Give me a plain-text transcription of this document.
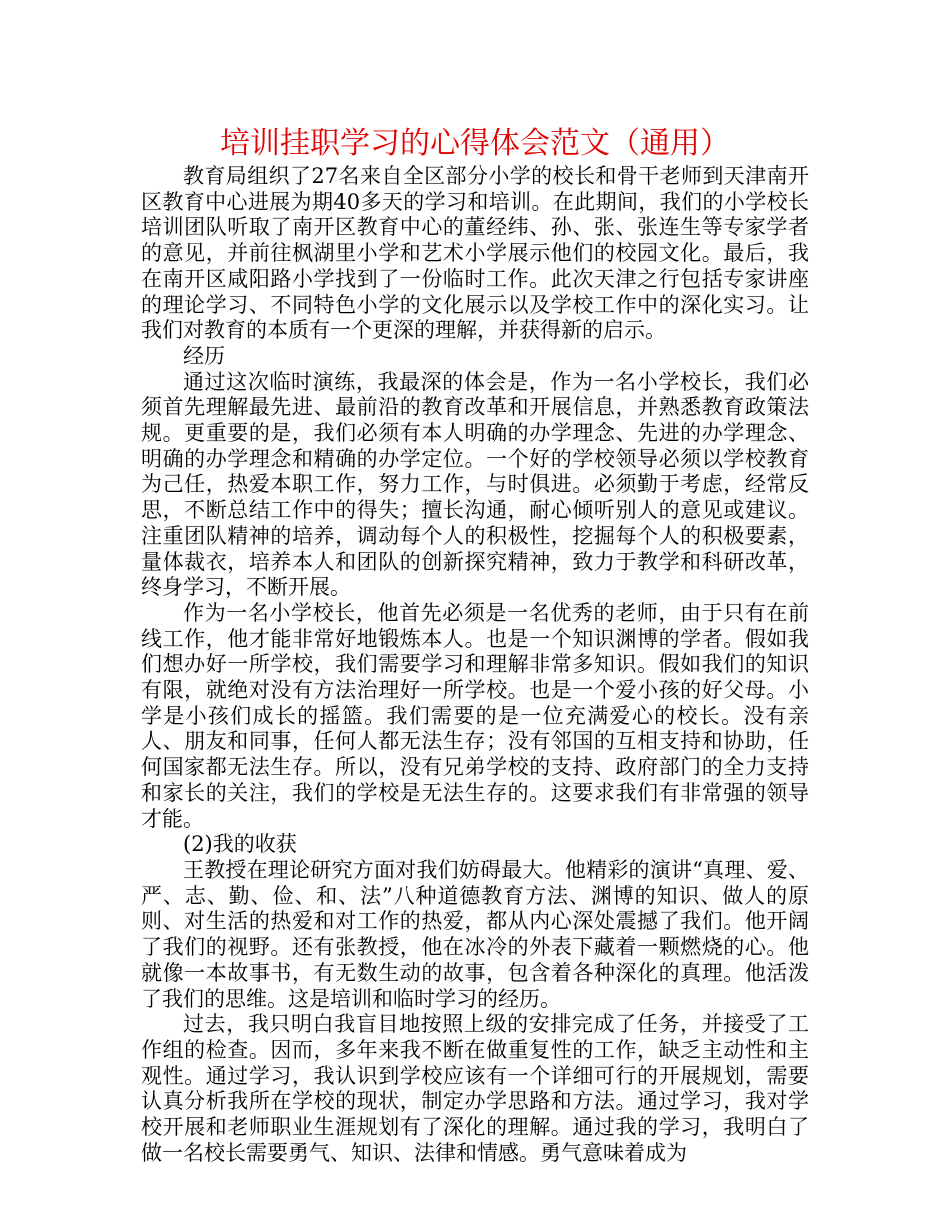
培训挂职学习的心得体会范文（通用）

教育局组织了27名来自全区部分小学的校长和骨干老师到天津南开区教育中心进展为期40多天的学习和培训。在此期间，我们的小学校长培训团队听取了南开区教育中心的董经纬、孙、张、张连生等专家学者的意见，并前往枫湖里小学和艺术小学展示他们的校园文化。最后，我在南开区咸阳路小学找到了一份临时工作。此次天津之行包括专家讲座的理论学习、不同特色小学的文化展示以及学校工作中的深化实习。让我们对教育的本质有一个更深的理解，并获得新的启示。

经历

通过这次临时演练，我最深的体会是，作为一名小学校长，我们必须首先理解最先进、最前沿的教育改革和开展信息，并熟悉教育政策法规。更重要的是，我们必须有本人明确的办学理念、先进的办学理念、明确的办学理念和精确的办学定位。一个好的学校领导必须以学校教育为己任，热爱本职工作，努力工作，与时俱进。必须勤于考虑，经常反思，不断总结工作中的得失；擅长沟通，耐心倾听别人的意见或建议。注重团队精神的培养，调动每个人的积极性，挖掘每个人的积极要素，量体裁衣，培养本人和团队的创新探究精神，致力于教学和科研改革，终身学习，不断开展。

作为一名小学校长，他首先必须是一名优秀的老师，由于只有在前线工作，他才能非常好地锻炼本人。也是一个知识渊博的学者。假如我们想办好一所学校，我们需要学习和理解非常多知识。假如我们的知识有限，就绝对没有方法治理好一所学校。也是一个爱小孩的好父母。小学是小孩们成长的摇篮。我们需要的是一位充满爱心的校长。没有亲人、朋友和同事，任何人都无法生存；没有邻国的互相支持和协助，任何国家都无法生存。所以，没有兄弟学校的支持、政府部门的全力支持和家长的关注，我们的学校是无法生存的。这要求我们有非常强的领导才能。

(2)我的收获

王教授在理论研究方面对我们妨碍最大。他精彩的演讲“真理、爱、严、志、勤、俭、和、法”八种道德教育方法、渊博的知识、做人的原则、对生活的热爱和对工作的热爱，都从内心深处震撼了我们。他开阔了我们的视野。还有张教授，他在冰冷的外表下藏着一颗燃烧的心。他就像一本故事书，有无数生动的故事，包含着各种深化的真理。他活泼了我们的思维。这是培训和临时学习的经历。

过去，我只明白我盲目地按照上级的安排完成了任务，并接受了工作组的检查。因而，多年来我不断在做重复性的工作，缺乏主动性和主观性。通过学习，我认识到学校应该有一个详细可行的开展规划，需要认真分析我所在学校的现状，制定办学思路和方法。通过学习，我对学校开展和老师职业生涯规划有了深化的理解。通过我的学习，我明白了做一名校长需要勇气、知识、法律和情感。勇气意味着成为
